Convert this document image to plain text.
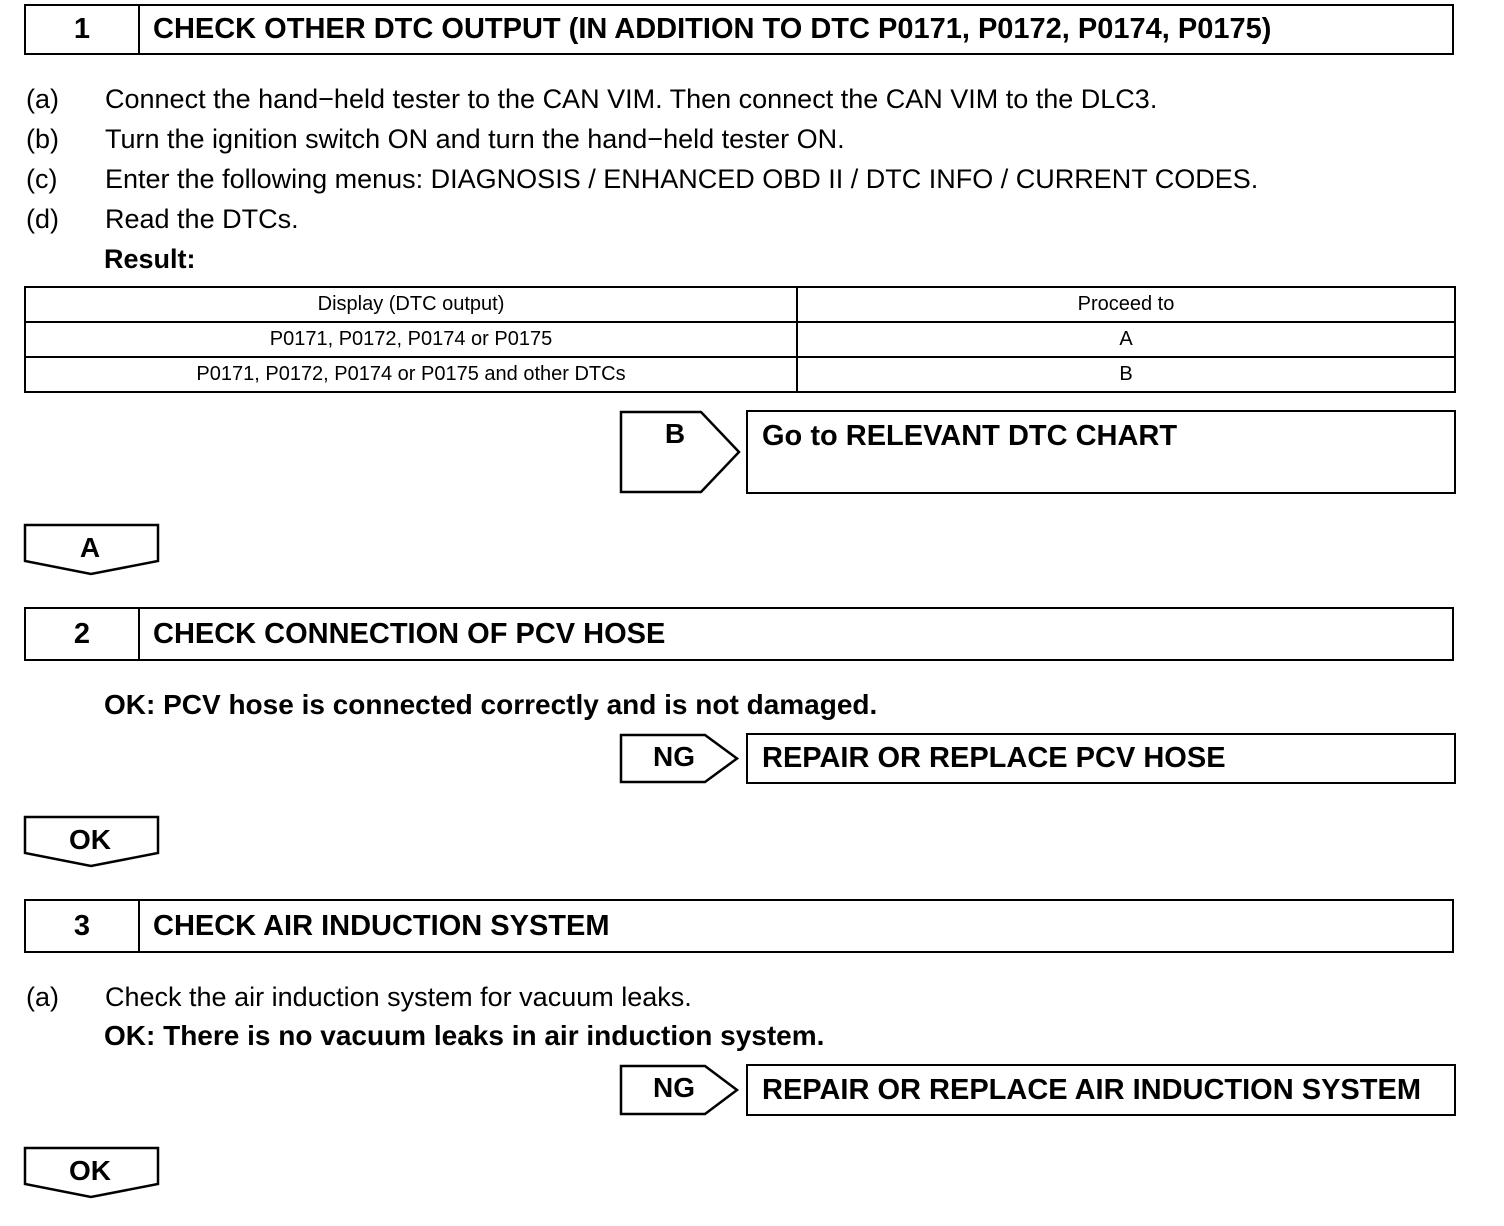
1	CHECK OTHER DTC OUTPUT (IN ADDITION TO DTC P0171, P0172, P0174, P0175)
(a) Connect the hand−held tester to the CAN VIM. Then connect the CAN VIM to the DLC3.
(b) Turn the ignition switch ON and turn the hand−held tester ON.
(c) Enter the following menus: DIAGNOSIS / ENHANCED OBD II / DTC INFO / CURRENT CODES.
(d) Read the DTCs.
Result:
Display (DTC output)	Proceed to
P0171, P0172, P0174 or P0175	A
P0171, P0172, P0174 or P0175 and other DTCs	B
B	Go to RELEVANT DTC CHART
A
2	CHECK CONNECTION OF PCV HOSE
OK: PCV hose is connected correctly and is not damaged.
NG	REPAIR OR REPLACE PCV HOSE
OK
3	CHECK AIR INDUCTION SYSTEM
(a) Check the air induction system for vacuum leaks.
OK: There is no vacuum leaks in air induction system.
NG	REPAIR OR REPLACE AIR INDUCTION SYSTEM
OK
